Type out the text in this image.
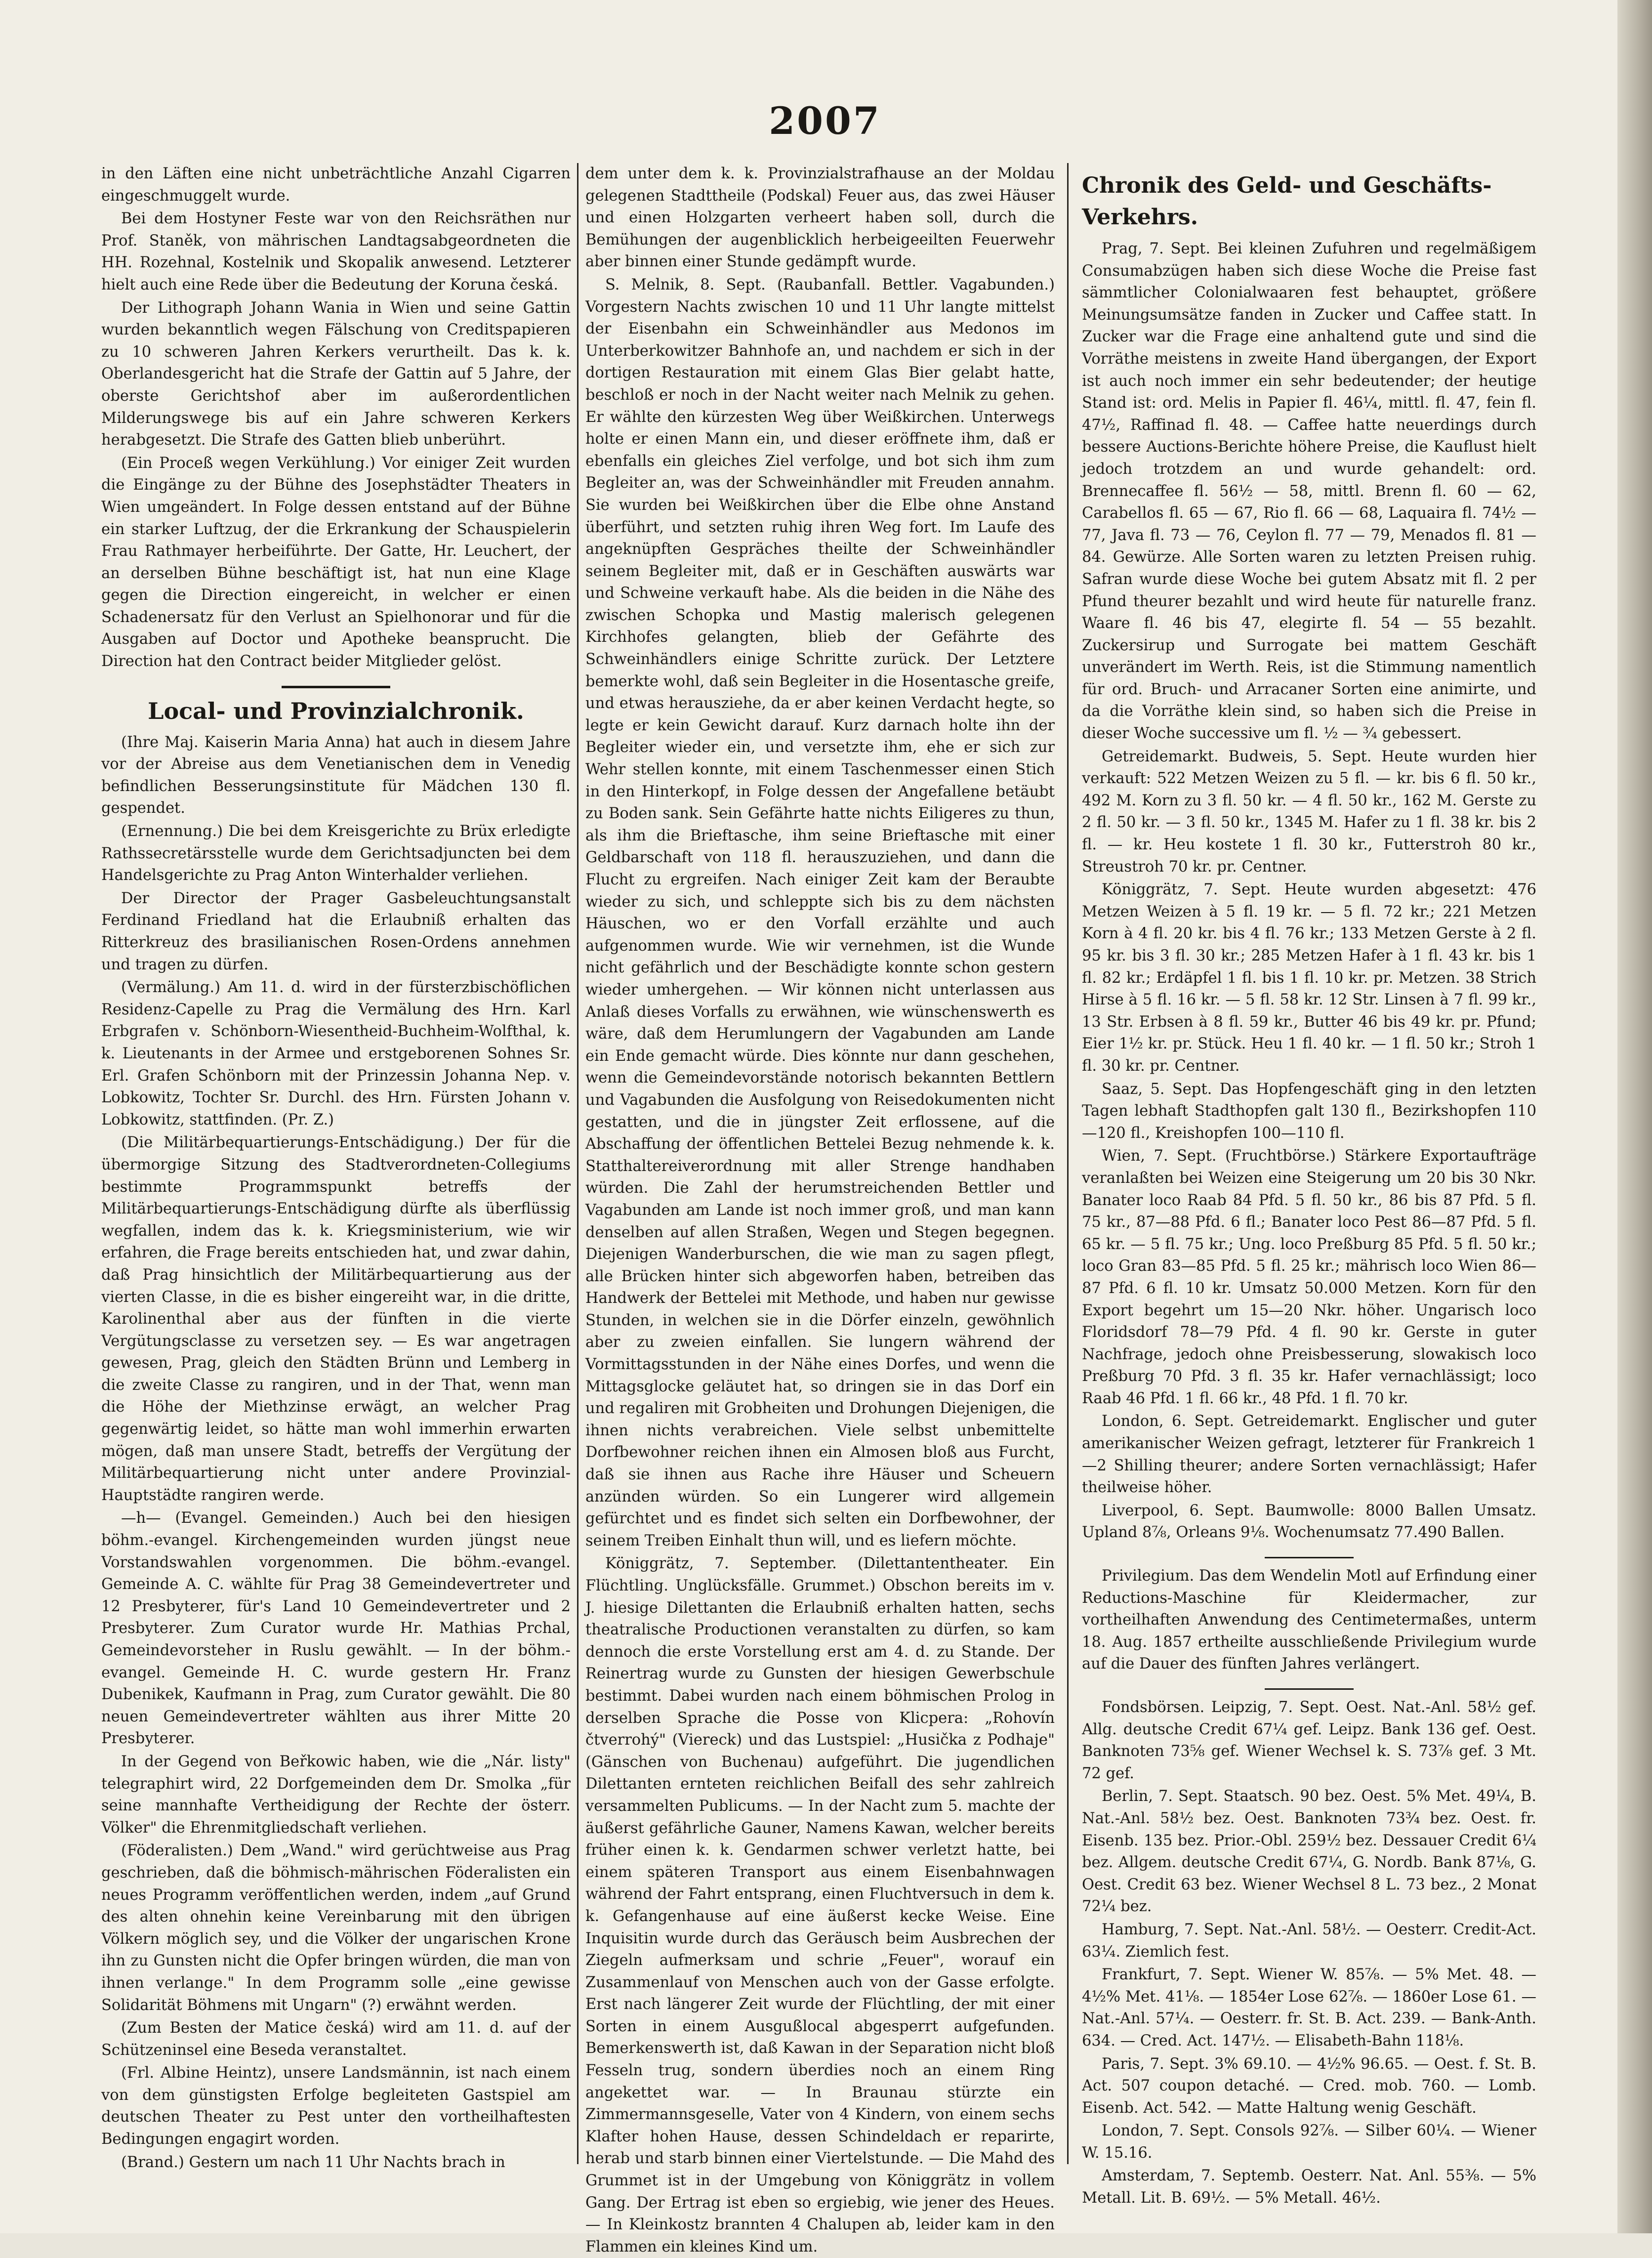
2007

in den Läften eine nicht unbeträchtliche Anzahl Cigarren eingeschmuggelt wurde.

Bei dem Hostyner Feste war von den Reichsräthen nur Prof. Staněk, von mährischen Landtagsabgeordneten die HH. Rozehnal, Kostelnik und Skopalik anwesend. Letzterer hielt auch eine Rede über die Bedeutung der Koruna česká.

Der Lithograph Johann Wania in Wien und seine Gattin wurden bekanntlich wegen Fälschung von Creditspapieren zu 10 schweren Jahren Kerkers verurtheilt. Das k. k. Oberlandesgericht hat die Strafe der Gattin auf 5 Jahre, der oberste Gerichtshof aber im außerordentlichen Milderungswege bis auf ein Jahre schweren Kerkers herabgesetzt. Die Strafe des Gatten blieb unberührt.

(Ein Proceß wegen Verkühlung.) Vor einiger Zeit wurden die Eingänge zu der Bühne des Josephstädter Theaters in Wien umgeändert. In Folge dessen entstand auf der Bühne ein starker Luftzug, der die Erkrankung der Schauspielerin Frau Rathmayer herbeiführte. Der Gatte, Hr. Leuchert, der an derselben Bühne beschäftigt ist, hat nun eine Klage gegen die Direction eingereicht, in welcher er einen Schadenersatz für den Verlust an Spielhonorar und für die Ausgaben auf Doctor und Apotheke beansprucht. Die Direction hat den Contract beider Mitglieder gelöst.

Local- und Provinzialchronik.

(Ihre Maj. Kaiserin Maria Anna) hat auch in diesem Jahre vor der Abreise aus dem Venetianischen dem in Venedig befindlichen Besserungsinstitute für Mädchen 130 fl. gespendet.

(Ernennung.) Die bei dem Kreisgerichte zu Brüx erledigte Rathssecretärsstelle wurde dem Gerichtsadjuncten bei dem Handelsgerichte zu Prag Anton Winterhalder verliehen.

Der Director der Prager Gasbeleuchtungsanstalt Ferdinand Friedland hat die Erlaubniß erhalten das Ritterkreuz des brasilianischen Rosen-Ordens annehmen und tragen zu dürfen.

(Vermälung.) Am 11. d. wird in der fürsterzbischöflichen Residenz-Capelle zu Prag die Vermälung des Hrn. Karl Erbgrafen v. Schönborn-Wiesentheid-Buchheim-Wolfthal, k. k. Lieutenants in der Armee und erstgeborenen Sohnes Sr. Erl. Grafen Schönborn mit der Prinzessin Johanna Nep. v. Lobkowitz, Tochter Sr. Durchl. des Hrn. Fürsten Johann v. Lobkowitz, stattfinden. (Pr. Z.)

(Die Militärbequartierungs-Entschädigung.) Der für die übermorgige Sitzung des Stadtverordneten-Collegiums bestimmte Programmspunkt betreffs der Militärbequartierungs-Entschädigung dürfte als überflüssig wegfallen, indem das k. k. Kriegsministerium, wie wir erfahren, die Frage bereits entschieden hat, und zwar dahin, daß Prag hinsichtlich der Militärbequartierung aus der vierten Classe, in die es bisher eingereiht war, in die dritte, Karolinenthal aber aus der fünften in die vierte Vergütungsclasse zu versetzen sey. — Es war angetragen gewesen, Prag, gleich den Städten Brünn und Lemberg in die zweite Classe zu rangiren, und in der That, wenn man die Höhe der Miethzinse erwägt, an welcher Prag gegenwärtig leidet, so hätte man wohl immerhin erwarten mögen, daß man unsere Stadt, betreffs der Vergütung der Militärbequartierung nicht unter andere Provinzial-Hauptstädte rangiren werde.

—h— (Evangel. Gemeinden.) Auch bei den hiesigen böhm.-evangel. Kirchengemeinden wurden jüngst neue Vorstandswahlen vorgenommen. Die böhm.-evangel. Gemeinde A. C. wählte für Prag 38 Gemeindevertreter und 12 Presbyterer, für's Land 10 Gemeindevertreter und 2 Presbyterer. Zum Curator wurde Hr. Mathias Prchal, Gemeindevorsteher in Ruslu gewählt. — In der böhm.-evangel. Gemeinde H. C. wurde gestern Hr. Franz Dubenikek, Kaufmann in Prag, zum Curator gewählt. Die 80 neuen Gemeindevertreter wählten aus ihrer Mitte 20 Presbyterer.

In der Gegend von Beřkowic haben, wie die „Nár. listy" telegraphirt wird, 22 Dorfgemeinden dem Dr. Smolka „für seine mannhafte Vertheidigung der Rechte der österr. Völker" die Ehrenmitgliedschaft verliehen.

(Föderalisten.) Dem „Wand." wird gerüchtweise aus Prag geschrieben, daß die böhmisch-mährischen Föderalisten ein neues Programm veröffentlichen werden, indem „auf Grund des alten ohnehin keine Vereinbarung mit den übrigen Völkern möglich sey, und die Völker der ungarischen Krone ihn zu Gunsten nicht die Opfer bringen würden, die man von ihnen verlange." In dem Programm solle „eine gewisse Solidarität Böhmens mit Ungarn" (?) erwähnt werden.

(Zum Besten der Matice česká) wird am 11. d. auf der Schützeninsel eine Beseda veranstaltet.

(Frl. Albine Heintz), unsere Landsmännin, ist nach einem von dem günstigsten Erfolge begleiteten Gastspiel am deutschen Theater zu Pest unter den vortheilhaftesten Bedingungen engagirt worden.

(Brand.) Gestern um nach 11 Uhr Nachts brach in

dem unter dem k. k. Provinzialstrafhause an der Moldau gelegenen Stadttheile (Podskal) Feuer aus, das zwei Häuser und einen Holzgarten verheert haben soll, durch die Bemühungen der augenblicklich herbeigeeilten Feuerwehr aber binnen einer Stunde gedämpft wurde.

S. Melnik, 8. Sept. (Raubanfall. Bettler. Vagabunden.) Vorgestern Nachts zwischen 10 und 11 Uhr langte mittelst der Eisenbahn ein Schweinhändler aus Medonos im Unterberkowitzer Bahnhofe an, und nachdem er sich in der dortigen Restauration mit einem Glas Bier gelabt hatte, beschloß er noch in der Nacht weiter nach Melnik zu gehen. Er wählte den kürzesten Weg über Weißkirchen. Unterwegs holte er einen Mann ein, und dieser eröffnete ihm, daß er ebenfalls ein gleiches Ziel verfolge, und bot sich ihm zum Begleiter an, was der Schweinhändler mit Freuden annahm. Sie wurden bei Weißkirchen über die Elbe ohne Anstand überführt, und setzten ruhig ihren Weg fort. Im Laufe des angeknüpften Gespräches theilte der Schweinhändler seinem Begleiter mit, daß er in Geschäften auswärts war und Schweine verkauft habe. Als die beiden in die Nähe des zwischen Schopka und Mastig malerisch gelegenen Kirchhofes gelangten, blieb der Gefährte des Schweinhändlers einige Schritte zurück. Der Letztere bemerkte wohl, daß sein Begleiter in die Hosentasche greife, und etwas herausziehe, da er aber keinen Verdacht hegte, so legte er kein Gewicht darauf. Kurz darnach holte ihn der Begleiter wieder ein, und versetzte ihm, ehe er sich zur Wehr stellen konnte, mit einem Taschenmesser einen Stich in den Hinterkopf, in Folge dessen der Angefallene betäubt zu Boden sank. Sein Gefährte hatte nichts Eiligeres zu thun, als ihm die Brieftasche, ihm seine Brieftasche mit einer Geldbarschaft von 118 fl. herauszuziehen, und dann die Flucht zu ergreifen. Nach einiger Zeit kam der Beraubte wieder zu sich, und schleppte sich bis zu dem nächsten Häuschen, wo er den Vorfall erzählte und auch aufgenommen wurde. Wie wir vernehmen, ist die Wunde nicht gefährlich und der Beschädigte konnte schon gestern wieder umhergehen. — Wir können nicht unterlassen aus Anlaß dieses Vorfalls zu erwähnen, wie wünschenswerth es wäre, daß dem Herumlungern der Vagabunden am Lande ein Ende gemacht würde. Dies könnte nur dann geschehen, wenn die Gemeindevorstände notorisch bekannten Bettlern und Vagabunden die Ausfolgung von Reisedokumenten nicht gestatten, und die in jüngster Zeit erflossene, auf die Abschaffung der öffentlichen Bettelei Bezug nehmende k. k. Statthaltereiverordnung mit aller Strenge handhaben würden. Die Zahl der herumstreichenden Bettler und Vagabunden am Lande ist noch immer groß, und man kann denselben auf allen Straßen, Wegen und Stegen begegnen. Diejenigen Wanderburschen, die wie man zu sagen pflegt, alle Brücken hinter sich abgeworfen haben, betreiben das Handwerk der Bettelei mit Methode, und haben nur gewisse Stunden, in welchen sie in die Dörfer einzeln, gewöhnlich aber zu zweien einfallen. Sie lungern während der Vormittagsstunden in der Nähe eines Dorfes, und wenn die Mittagsglocke geläutet hat, so dringen sie in das Dorf ein und regaliren mit Grobheiten und Drohungen Diejenigen, die ihnen nichts verabreichen. Viele selbst unbemittelte Dorfbewohner reichen ihnen ein Almosen bloß aus Furcht, daß sie ihnen aus Rache ihre Häuser und Scheuern anzünden würden. So ein Lungerer wird allgemein gefürchtet und es findet sich selten ein Dorfbewohner, der seinem Treiben Einhalt thun will, und es liefern möchte.

Königgrätz, 7. September. (Dilettantentheater. Ein Flüchtling. Unglücksfälle. Grummet.) Obschon bereits im v. J. hiesige Dilettanten die Erlaubniß erhalten hatten, sechs theatralische Productionen veranstalten zu dürfen, so kam dennoch die erste Vorstellung erst am 4. d. zu Stande. Der Reinertrag wurde zu Gunsten der hiesigen Gewerbschule bestimmt. Dabei wurden nach einem böhmischen Prolog in derselben Sprache die Posse von Klicpera: „Rohovín čtverrohý" (Viereck) und das Lustspiel: „Husička z Podhaje" (Gänschen von Buchenau) aufgeführt. Die jugendlichen Dilettanten ernteten reichlichen Beifall des sehr zahlreich versammelten Publicums. — In der Nacht zum 5. machte der äußerst gefährliche Gauner, Namens Kawan, welcher bereits früher einen k. k. Gendarmen schwer verletzt hatte, bei einem späteren Transport aus einem Eisenbahnwagen während der Fahrt entsprang, einen Fluchtversuch in dem k. k. Gefangenhause auf eine äußerst kecke Weise. Eine Inquisitin wurde durch das Geräusch beim Ausbrechen der Ziegeln aufmerksam und schrie „Feuer", worauf ein Zusammenlauf von Menschen auch von der Gasse erfolgte. Erst nach längerer Zeit wurde der Flüchtling, der mit einer Sorten in einem Ausgußlocal abgesperrt aufgefunden. Bemerkenswerth ist, daß Kawan in der Separation nicht bloß Fesseln trug, sondern überdies noch an einem Ring angekettet war. — In Braunau stürzte ein Zimmermannsgeselle, Vater von 4 Kindern, von einem sechs Klafter hohen Hause, dessen Schindeldach er reparirte, herab und starb binnen einer Viertelstunde. — Die Mahd des Grummet ist in der Umgebung von Königgrätz in vollem Gang. Der Ertrag ist eben so ergiebig, wie jener des Heues. — In Kleinkostz brannten 4 Chalupen ab, leider kam in den Flammen ein kleines Kind um.

Chronik des Geld- und Geschäfts-Verkehrs.

Prag, 7. Sept. Bei kleinen Zufuhren und regelmäßigem Consumabzügen haben sich diese Woche die Preise fast sämmtlicher Colonialwaaren fest behauptet, größere Meinungsumsätze fanden in Zucker und Caffee statt. In Zucker war die Frage eine anhaltend gute und sind die Vorräthe meistens in zweite Hand übergangen, der Export ist auch noch immer ein sehr bedeutender; der heutige Stand ist: ord. Melis in Papier fl. 46¼, mittl. fl. 47, fein fl. 47½, Raffinad fl. 48. — Caffee hatte neuerdings durch bessere Auctions-Berichte höhere Preise, die Kauflust hielt jedoch trotzdem an und wurde gehandelt: ord. Brennecaffee fl. 56½ — 58, mittl. Brenn fl. 60 — 62, Carabellos fl. 65 — 67, Rio fl. 66 — 68, Laquaira fl. 74½ — 77, Java fl. 73 — 76, Ceylon fl. 77 — 79, Menados fl. 81 — 84. Gewürze. Alle Sorten waren zu letzten Preisen ruhig. Safran wurde diese Woche bei gutem Absatz mit fl. 2 per Pfund theurer bezahlt und wird heute für naturelle franz. Waare fl. 46 bis 47, elegirte fl. 54 — 55 bezahlt. Zuckersirup und Surrogate bei mattem Geschäft unverändert im Werth. Reis, ist die Stimmung namentlich für ord. Bruch- und Arracaner Sorten eine animirte, und da die Vorräthe klein sind, so haben sich die Preise in dieser Woche successive um fl. ½ — ¾ gebessert.

Getreidemarkt. Budweis, 5. Sept. Heute wurden hier verkauft: 522 Metzen Weizen zu 5 fl. — kr. bis 6 fl. 50 kr., 492 M. Korn zu 3 fl. 50 kr. — 4 fl. 50 kr., 162 M. Gerste zu 2 fl. 50 kr. — 3 fl. 50 kr., 1345 M. Hafer zu 1 fl. 38 kr. bis 2 fl. — kr. Heu kostete 1 fl. 30 kr., Futterstroh 80 kr., Streustroh 70 kr. pr. Centner.

Königgrätz, 7. Sept. Heute wurden abgesetzt: 476 Metzen Weizen à 5 fl. 19 kr. — 5 fl. 72 kr.; 221 Metzen Korn à 4 fl. 20 kr. bis 4 fl. 76 kr.; 133 Metzen Gerste à 2 fl. 95 kr. bis 3 fl. 30 kr.; 285 Metzen Hafer à 1 fl. 43 kr. bis 1 fl. 82 kr.; Erdäpfel 1 fl. bis 1 fl. 10 kr. pr. Metzen. 38 Strich Hirse à 5 fl. 16 kr. — 5 fl. 58 kr. 12 Str. Linsen à 7 fl. 99 kr., 13 Str. Erbsen à 8 fl. 59 kr., Butter 46 bis 49 kr. pr. Pfund; Eier 1½ kr. pr. Stück. Heu 1 fl. 40 kr. — 1 fl. 50 kr.; Stroh 1 fl. 30 kr. pr. Centner.

Saaz, 5. Sept. Das Hopfengeschäft ging in den letzten Tagen lebhaft Stadthopfen galt 130 fl., Bezirkshopfen 110—120 fl., Kreishopfen 100—110 fl.

Wien, 7. Sept. (Fruchtbörse.) Stärkere Exportaufträge veranlaßten bei Weizen eine Steigerung um 20 bis 30 Nkr. Banater loco Raab 84 Pfd. 5 fl. 50 kr., 86 bis 87 Pfd. 5 fl. 75 kr., 87—88 Pfd. 6 fl.; Banater loco Pest 86—87 Pfd. 5 fl. 65 kr. — 5 fl. 75 kr.; Ung. loco Preßburg 85 Pfd. 5 fl. 50 kr.; loco Gran 83—85 Pfd. 5 fl. 25 kr.; mährisch loco Wien 86—87 Pfd. 6 fl. 10 kr. Umsatz 50.000 Metzen. Korn für den Export begehrt um 15—20 Nkr. höher. Ungarisch loco Floridsdorf 78—79 Pfd. 4 fl. 90 kr. Gerste in guter Nachfrage, jedoch ohne Preisbesserung, slowakisch loco Preßburg 70 Pfd. 3 fl. 35 kr. Hafer vernachlässigt; loco Raab 46 Pfd. 1 fl. 66 kr., 48 Pfd. 1 fl. 70 kr.

London, 6. Sept. Getreidemarkt. Englischer und guter amerikanischer Weizen gefragt, letzterer für Frankreich 1—2 Shilling theurer; andere Sorten vernachlässigt; Hafer theilweise höher.

Liverpool, 6. Sept. Baumwolle: 8000 Ballen Umsatz. Upland 8⅞, Orleans 9⅛. Wochenumsatz 77.490 Ballen.

Privilegium. Das dem Wendelin Motl auf Erfindung einer Reductions-Maschine für Kleidermacher, zur vortheilhaften Anwendung des Centimetermaßes, unterm 18. Aug. 1857 ertheilte ausschließende Privilegium wurde auf die Dauer des fünften Jahres verlängert.

Fondsbörsen. Leipzig, 7. Sept. Oest. Nat.-Anl. 58½ gef. Allg. deutsche Credit 67¼ gef. Leipz. Bank 136 gef. Oest. Banknoten 73⅝ gef. Wiener Wechsel k. S. 73⅞ gef. 3 Mt. 72 gef.

Berlin, 7. Sept. Staatsch. 90 bez. Oest. 5% Met. 49¼, B. Nat.-Anl. 58½ bez. Oest. Banknoten 73¾ bez. Oest. fr. Eisenb. 135 bez. Prior.-Obl. 259½ bez. Dessauer Credit 6¼ bez. Allgem. deutsche Credit 67¼, G. Nordb. Bank 87⅛, G. Oest. Credit 63 bez. Wiener Wechsel 8 L. 73 bez., 2 Monat 72¼ bez.

Hamburg, 7. Sept. Nat.-Anl. 58½. — Oesterr. Credit-Act. 63¼. Ziemlich fest.

Frankfurt, 7. Sept. Wiener W. 85⅞. — 5% Met. 48. — 4½% Met. 41⅛. — 1854er Lose 62⅞. — 1860er Lose 61. — Nat.-Anl. 57¼. — Oesterr. fr. St. B. Act. 239. — Bank-Anth. 634. — Cred. Act. 147½. — Elisabeth-Bahn 118⅛.

Paris, 7. Sept. 3% 69.10. — 4½% 96.65. — Oest. f. St. B. Act. 507 coupon detaché. — Cred. mob. 760. — Lomb. Eisenb. Act. 542. — Matte Haltung wenig Geschäft.

London, 7. Sept. Consols 92⅞. — Silber 60¼. — Wiener W. 15.16.

Amsterdam, 7. Septemb. Oesterr. Nat. Anl. 55⅜. — 5% Metall. Lit. B. 69½. — 5% Metall. 46½.
